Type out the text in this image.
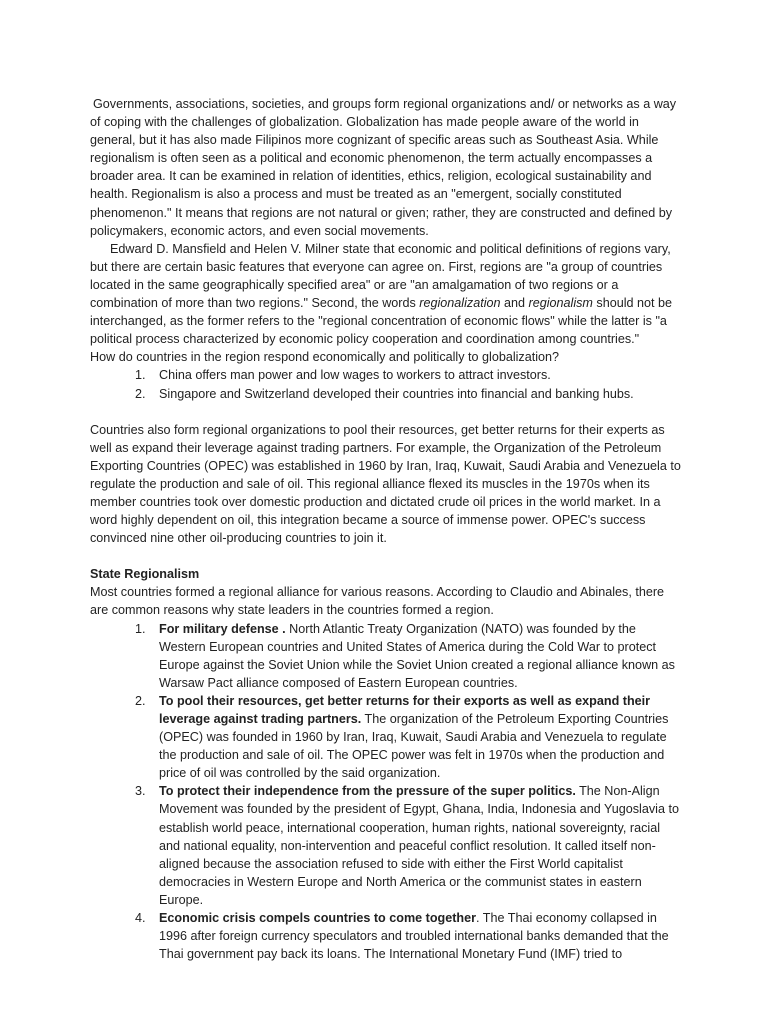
Governments, associations, societies, and groups form regional organizations and/ or networks as a way of coping with the challenges of globalization. Globalization has made people aware of the world in general, but it has also made Filipinos more cognizant of specific areas such as Southeast Asia. While regionalism is often seen as a political and economic phenomenon, the term actually encompasses a broader area. It can be examined in relation of identities, ethics, religion, ecological sustainability and health. Regionalism is also a process and must be treated as an "emergent, socially constituted phenomenon." It means that regions are not natural or given; rather, they are constructed and defined by policymakers, economic actors, and even social movements.

Edward D. Mansfield and Helen V. Milner state that economic and political definitions of regions vary, but there are certain basic features that everyone can agree on. First, regions are "a group of countries located in the same geographically specified area" or are "an amalgamation of two regions or a combination of more than two regions." Second, the words regionalization and regionalism should not be interchanged, as the former refers to the "regional concentration of economic flows" while the latter is "a political process characterized by economic policy cooperation and coordination among countries."

How do countries in the region respond economically and politically to globalization?

1 . China offers man power and low wages to workers to attract investors.
2 . Singapore and Switzerland developed their countries into financial and banking hubs.

Countries also form regional organizations to pool their resources, get better returns for their experts as well as expand their leverage against trading partners. For example, the Organization of the Petroleum Exporting Countries (OPEC) was established in 1960 by Iran, Iraq, Kuwait, Saudi Arabia and Venezuela to regulate the production and sale of oil. This regional alliance flexed its muscles in the 1970s when its member countries took over domestic production and dictated crude oil prices in the world market. In a word highly dependent on oil, this integration became a source of immense power. OPEC's success convinced nine other oil-producing countries to join it.

State Regionalism

Most countries formed a regional alliance for various reasons. According to Claudio and Abinales, there are common reasons why state leaders in the countries formed a region.

1 . For military defense . North Atlantic Treaty Organization (NATO) was founded by the Western European countries and United States of America during the Cold War to protect Europe against the Soviet Union while the Soviet Union created a regional alliance known as Warsaw Pact alliance composed of Eastern European countries.
2 . To pool their resources, get better returns for their exports as well as expand their leverage against trading partners. The organization of the Petroleum Exporting Countries (OPEC) was founded in 1960 by Iran, Iraq, Kuwait, Saudi Arabia and Venezuela to regulate the production and sale of oil. The OPEC power was felt in 1970s when the production and price of oil was controlled by the said organization.
3 . To protect their independence from the pressure of the super politics. The Non-Align Movement was founded by the president of Egypt, Ghana, India, Indonesia and Yugoslavia to establish world peace, international cooperation, human rights, national sovereignty, racial and national equality, non-intervention and peaceful conflict resolution. It called itself non-aligned because the association refused to side with either the First World capitalist democracies in Western Europe and North America or the communist states in eastern Europe.
4 . Economic crisis compels countries to come together. The Thai economy collapsed in 1996 after foreign currency speculators and troubled international banks demanded that the Thai government pay back its loans. The International Monetary Fund (IMF) tried to
